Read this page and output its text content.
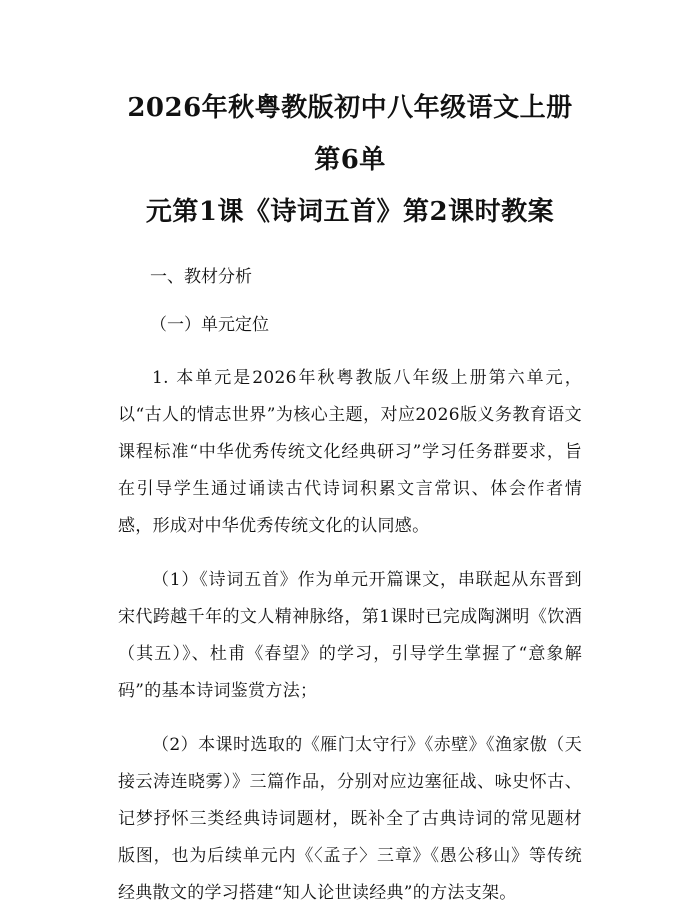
2026年秋粤教版初中八年级语文上册第6单
元第1课《诗词五首》第2课时教案

一、教材分析

（一）单元定位

1. 本单元是2026年秋粤教版八年级上册第六单元，以“古人的情志世界”为核心主题，对应2026版义务教育语文课程标准“中华优秀传统文化经典研习”学习任务群要求，旨在引导学生通过诵读古代诗词积累文言常识、体会作者情感，形成对中华优秀传统文化的认同感。

（1）《诗词五首》作为单元开篇课文，串联起从东晋到宋代跨越千年的文人精神脉络，第1课时已完成陶渊明《饮酒（其五）》、杜甫《春望》的学习，引导学生掌握了“意象解码”的基本诗词鉴赏方法；

（2）本课时选取的《雁门太守行》《赤壁》《渔家傲（天接云涛连晓雾）》三篇作品，分别对应边塞征战、咏史怀古、记梦抒怀三类经典诗词题材，既补全了古典诗词的常见题材版图，也为后续单元内《〈孟子〉三章》《愚公移山》等传统经典散文的学习搭建“知人论世读经典”的方法支架。
